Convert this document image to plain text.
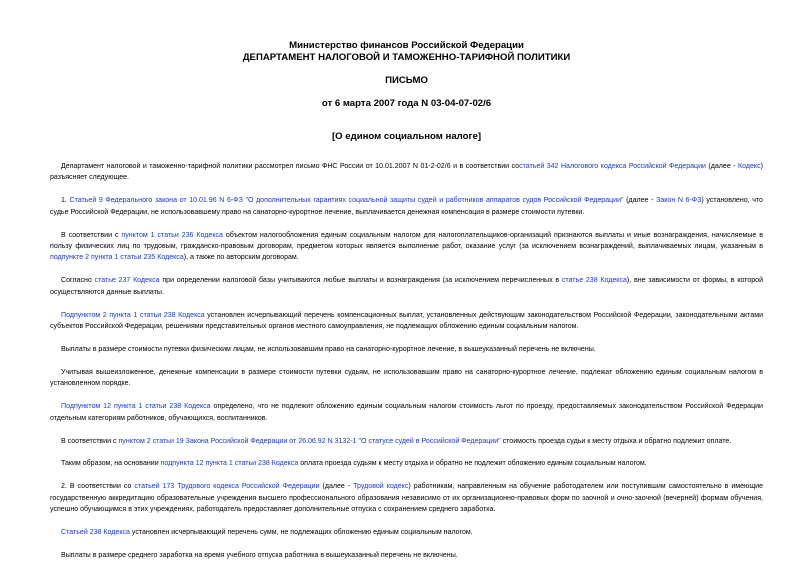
Министерство финансов Российской Федерации
ДЕПАРТАМЕНТ НАЛОГОВОЙ И ТАМОЖЕННО-ТАРИФНОЙ ПОЛИТИКИ
ПИСЬМО
от 6 марта 2007 года N 03-04-07-02/6
[О едином социальном налоге]

Департамент налоговой и таможенно-тарифной политики рассмотрел письмо ФНС России от 10.01.2007 N 01-2-02/6 и в соответствии состатьей 342 Налогового кодекса Российской Федерации (далее - Кодекс) разъясняет следующее.

1. Статьей 9 Федерального закона от 10.01.96 N 6-ФЗ "О дополнительных гарантиях социальной защиты судей и работников аппаратов судов Российской Федерации" (далее - Закон N 6-ФЗ) установлено, что судье Российской Федерации, не использовавшему право на санаторно-курортное лечение, выплачивается денежная компенсация в размере стоимости путевки.

В соответствии с пунктом 1 статьи 236 Кодекса объектом налогообложения единым социальным налогом для налогоплательщиков-организаций признаются выплаты и иные вознаграждения, начисляемые в пользу физических лиц по трудовым, гражданско-правовым договорам, предметом которых является выполнение работ, оказание услуг (за исключением вознаграждений, выплачиваемых лицам, указанным в подпункте 2 пункта 1 статьи 235 Кодекса), а также по авторским договорам.

Согласно статье 237 Кодекса при определении налоговой базы учитываются любые выплаты и вознаграждения (за исключением перечисленных в статье 238 Кодекса), вне зависимости от формы, в которой осуществляются данные выплаты.

Подпунктом 2 пункта 1 статьи 238 Кодекса установлен исчерпывающий перечень компенсационных выплат, установленных действующим законодательством Российской Федерации, законодательными актами субъектов Российской Федерации, решениями представительных органов местного самоуправления, не подлежащих обложению единым социальным налогом.

Выплаты в размере стоимости путевки физическим лицам, не использовавшим право на санаторно-курортное лечение, в вышеуказанный перечень не включены.

Учитывая вышеизложенное, денежные компенсации в размере стоимости путевки судьям, не использовавшим право на санаторно-курортное лечение, подлежат обложению единым социальным налогом в установленном порядке.

Подпунктом 12 пункта 1 статьи 238 Кодекса определено, что не подлежит обложению единым социальным налогом стоимость льгот по проезду, предоставляемых законодательством Российской Федерации отдельным категориям работников, обучающихся, воспитанников.

В соответствии с пунктом 2 статьи 19 Закона Российской Федерации от 26.06.92 N 3132-1 "О статусе судей в Российской Федерации" стоимость проезда судьи к месту отдыха и обратно подлежит оплате.

Таким образом, на основании подпункта 12 пункта 1 статьи 238 Кодекса оплата проезда судьям к месту отдыха и обратно не подлежит обложению единым социальным налогом.

2. В соответствии со статьей 173 Трудового кодекса Российской Федерации (далее - Трудовой кодекс) работникам, направленным на обучение работодателем или поступившим самостоятельно в имеющие государственную аккредитацию образовательные учреждения высшего профессионального образования независимо от их организационно-правовых форм по заочной и очно-заочной (вечерней) формам обучения, успешно обучающимся в этих учреждениях, работодатель предоставляет дополнительные отпуска с сохранением среднего заработка.

Статьей 238 Кодекса установлен исчерпывающий перечень сумм, не подлежащих обложению единым социальным налогом.

Выплаты в размере среднего заработка на время учебного отпуска работника в вышеуказанный перечень не включены.
